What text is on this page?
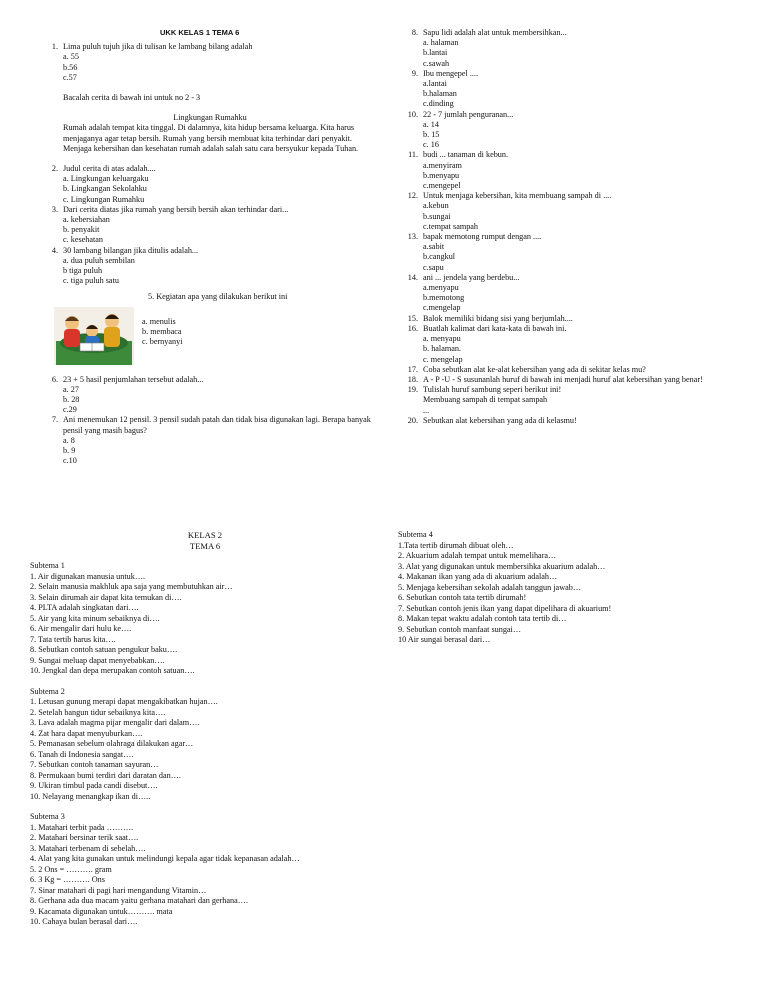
UKK KELAS 1 TEMA 6
1. Lima puluh tujuh jika di tulisan ke lambang bilang adalah
a. 55
b.56
c.57
Bacalah cerita di bawah ini untuk no 2 - 3
Lingkungan Rumahku
Rumah adalah tempat kita tinggal. Di dalamnya, kita hidup bersama keluarga. Kita harus menjaganya agar tetap bersih. Rumah yang bersih membuat kita terhindar dari penyakit. Menjaga kebersihan dan kesehatan rumah adalah salah satu cara bersyukur kepada Tuhan.
2. Judul cerita di atas adalah....
a. Lingkungan keluargaku
b. Lingkangan Sekolahku
c. Lingkungan Rumahku
3. Dari cerita diatas jika rumah yang bersih bersih akan terhindar dari...
a. kebersiahan
b. penyakit
c. kesehatan
4. 30 lambang bilangan jika ditulis adalah...
a. dua puluh sembilan
b tiga puluh
c. tiga puluh satu
5. Kegiatan apa yang dilakukan berikut ini
a. menulis
b. membaca
c. bernyanyi
6. 23 + 5 hasil penjumlahan tersebut adalah...
a. 27
b. 28
c.29
7. Ani menemukan 12 pensil. 3 pensil sudah patah dan tidak bisa digunakan lagi. Berapa banyak pensil yang masih bagus?
a. 8
b. 9
c.10
8. Sapu lidi adalah alat untuk membersihkan...
a. halaman
b.lantai
c.sawah
9. Ibu mengepel ....
a.lantai
b.halaman
c.dinding
10. 22 - 7 jumlah penguranan...
a. 14
b. 15
c. 16
11. budi ... tanaman di kebun.
a.menyiram
b.menyapu
c.mengepel
12. Untuk menjaga kebersihan, kita membuang sampah di ....
a.kebun
b.sungai
c.tempat sampah
13. bapak memotong rumput dengan ....
a.sabit
b.cangkul
c.sapu
14. ani ... jendela yang berdebu...
a.menyapu
b.memotong
c.mengelap
15. Balok memiliki bidang sisi yang berjumlah....
16. Buatlah kalimat dari kata-kata di bawah ini.
a. menyapu
b. halaman.
c. mengelap
17. Coba sebutkan alat ke-alat kebersihan yang ada di sekitar kelas mu?
18. A - P -U - S susunanlah huruf di bawah ini menjadi huruf alat kebersihan yang benar!
19. Tulislah huruf sambung seperi berikut ini!
Membuang sampah di tempat sampah
...
20. Sebutkan alat kebersihan yang ada di kelasmu!
KELAS 2
TEMA 6
Subtema 1
1. Air digunakan manusia untuk….
2. Selain manusia makhluk apa saja yang membutuhkan air…
3. Selain dirumah air dapat kita temukan di….
4. PLTA adalah singkatan dari….
5. Air yang kita minum sebaiknya di….
6. Air mengalir dari hulu ke….
7. Tata tertib harus kita….
8. Sebutkan contoh satuan pengukur baku….
9. Sungai meluap dapat menyebabkan….
10. Jengkal dan depa merupakan contoh satuan….
Subtema 2
1. Letusan gunung merapi dapat mengakibatkan hujan….
2. Setelah bangun tidur sebaiknya kita….
3. Lava adalah magma pijar mengalir dari dalam….
4. Zat hara dapat menyuburkan….
5. Pemanasan sebelum olahraga dilakukan agar…
6. Tanah di Indonesia sangat….
7. Sebutkan contoh tanaman sayuran…
8. Permukaan bumi terdiri dari daratan dan….
9. Ukiran timbul pada candi disebut….
10. Nelayang menangkap ikan di…..
Subtema 3
1. Matahari terbit pada ……….
2. Matahari bersinar terik saat….
3. Matahari terbenam di sebelah….
4. Alat yang kita gunakan untuk melindungi kepala agar tidak kepanasan adalah…
5. 2 Ons = ………. gram
6. 3 Kg = ………. Ons
7. Sinar matahari di pagi hari mengandung Vitamin…
8. Gerhana ada dua macam yaitu gerhana matahari dan gerhana….
9. Kacamata digunakan untuk………. mata
10. Cahaya bulan berasal dari….
Subtema 4
1.Tata tertib dirumah dibuat oleh…
2. Akuarium adalah tempat untuk memelihara…
3. Alat yang digunakan untuk membersihka akuarium adalah…
4. Makanan ikan yang ada di akuarium adalah…
5. Menjaga kebersihan sekolah adalah tanggun jawab…
6. Sebutkan contoh tata tertib dirumah!
7. Sebutkan contoh jenis ikan yang dapat dipelihara di akuarium!
8. Makan tepat waktu adalah contoh tata tertib di…
9. Sebutkan contoh manfaat sungai…
10 Air sungai berasal dari…
